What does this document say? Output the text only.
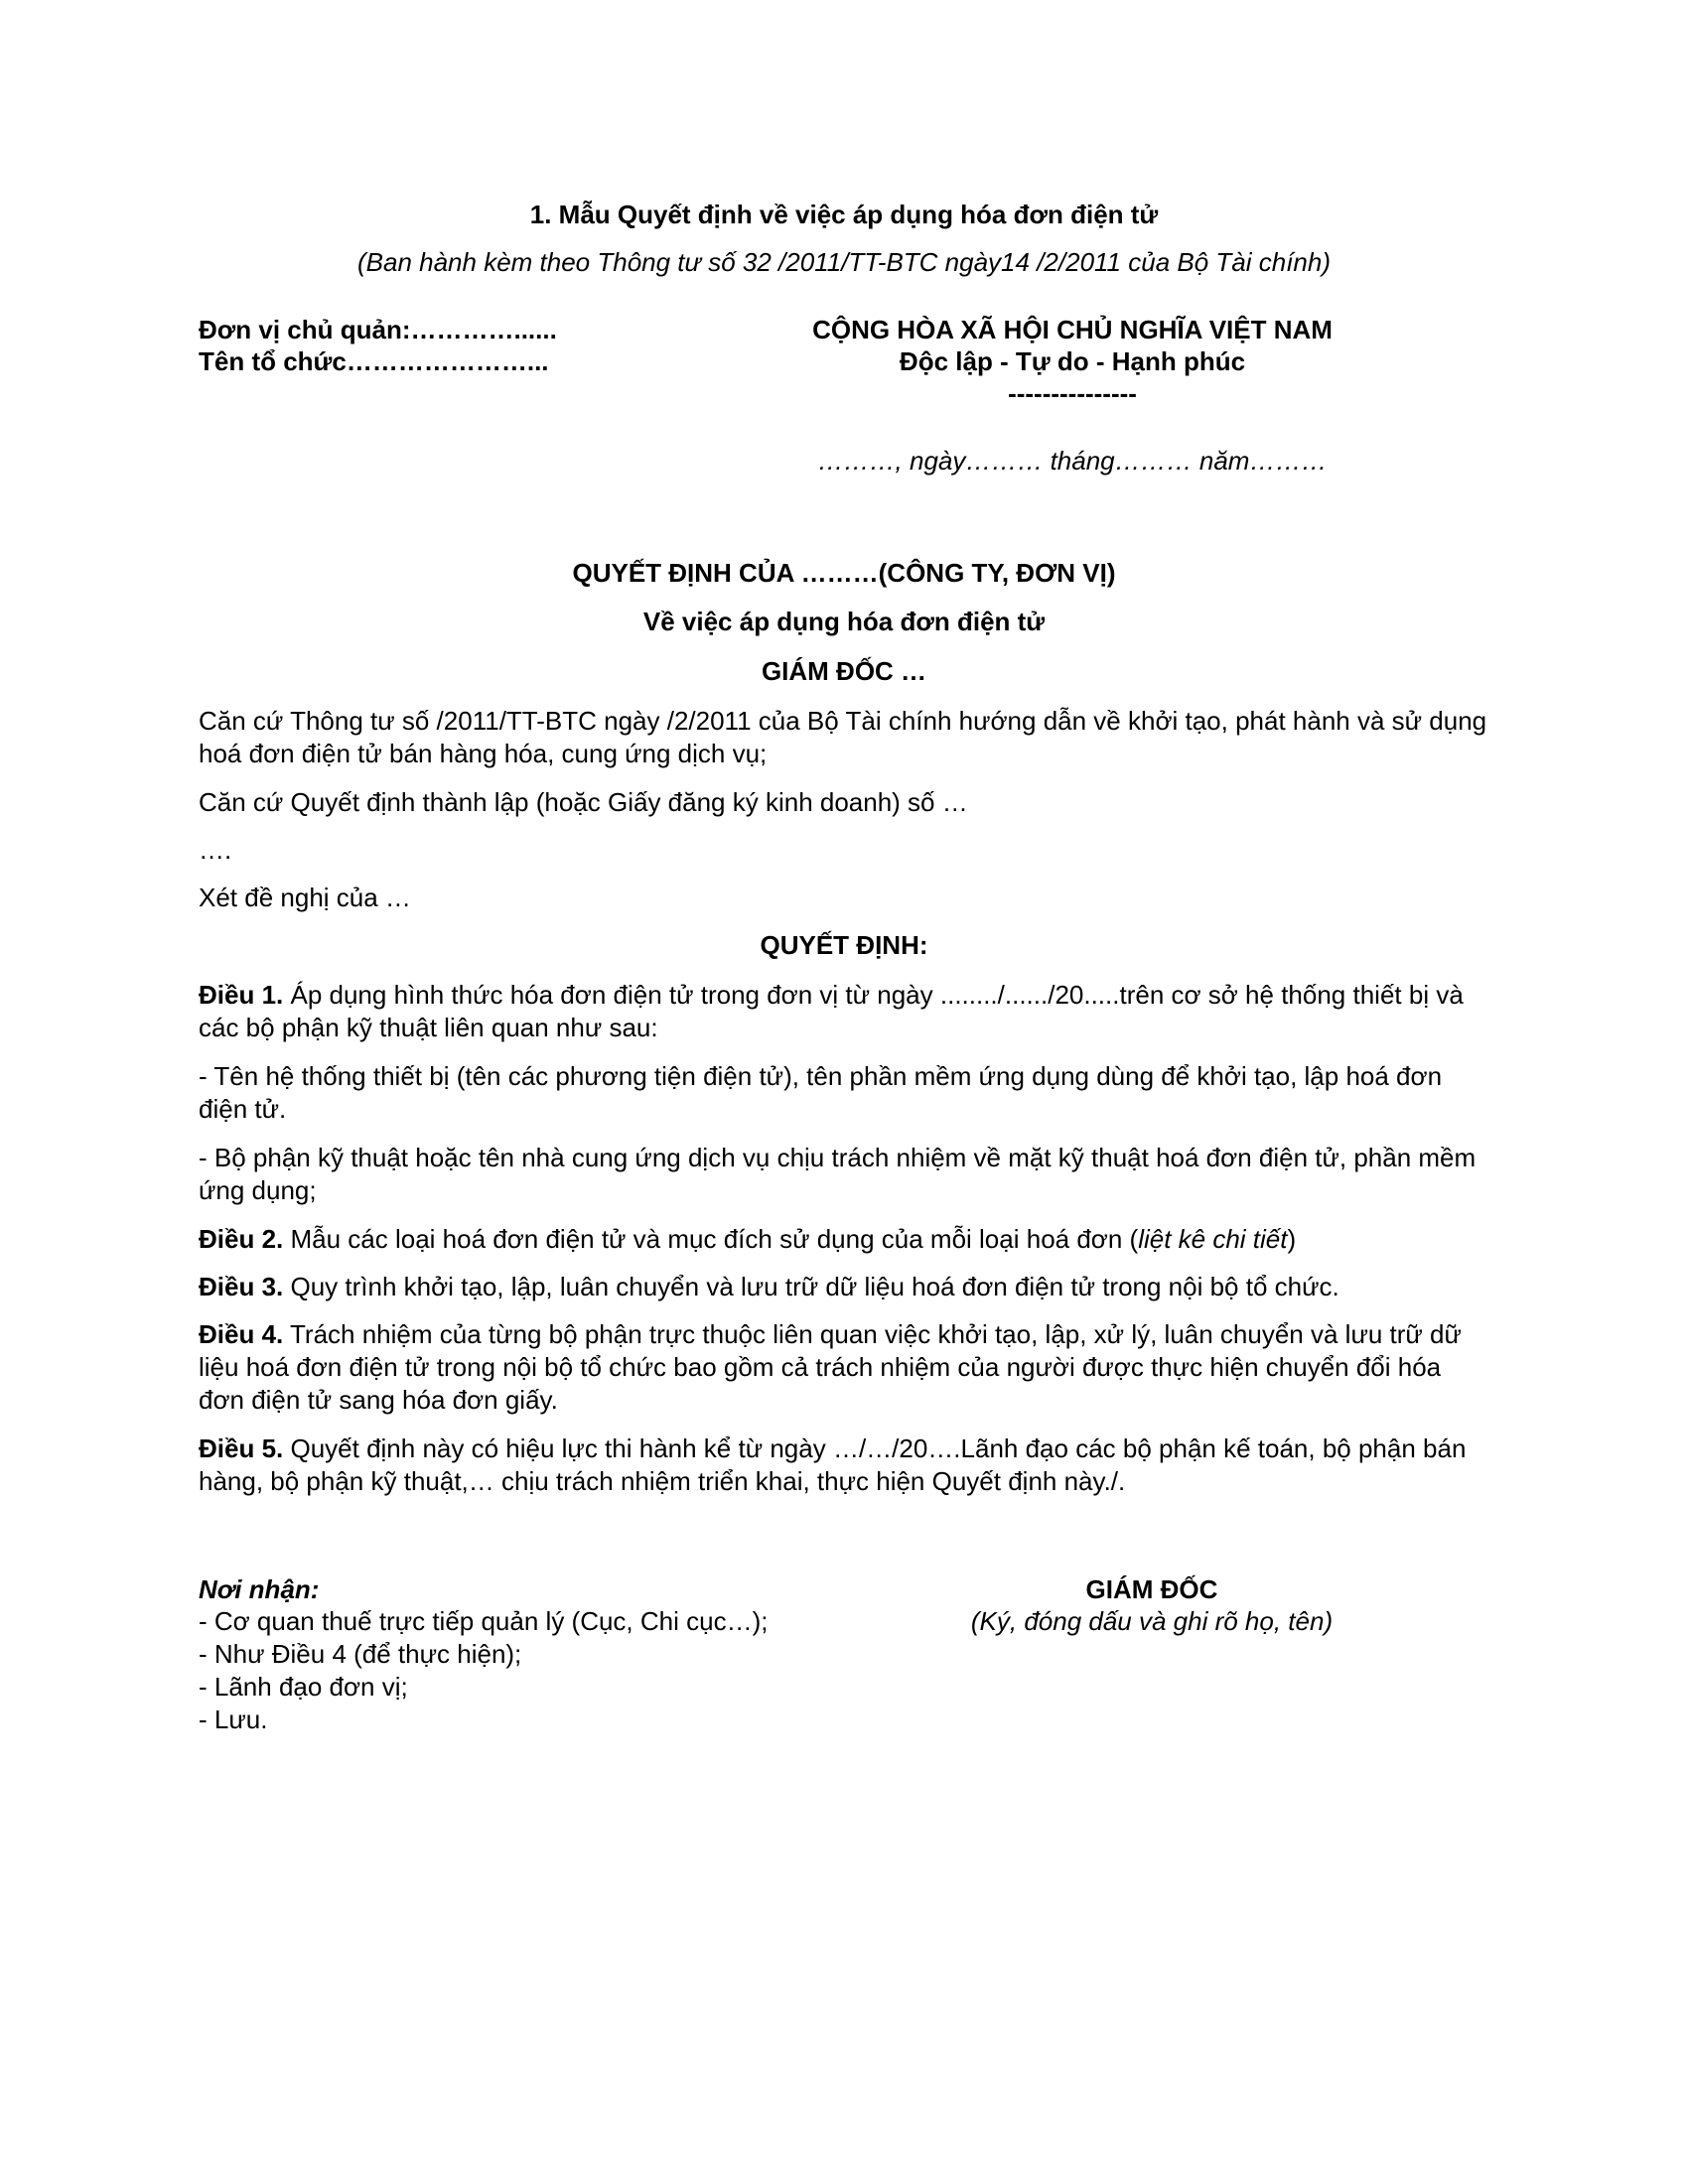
1. Mẫu Quyết định về việc áp dụng hóa đơn điện tử
(Ban hành kèm theo Thông tư số 32 /2011/TT-BTC ngày14 /2/2011 của Bộ Tài chính)
Đơn vị chủ quản:…………......
Tên tổ chức…………………...
CỘNG HÒA XÃ HỘI CHỦ NGHĨA VIỆT NAM
Độc lập - Tự do - Hạnh phúc
---------------
………, ngày……… tháng……… năm………
QUYẾT ĐỊNH CỦA ………(CÔNG TY, ĐƠN VỊ)
Về việc áp dụng hóa đơn điện tử
GIÁM ĐỐC …

Căn cứ Thông tư số /2011/TT-BTC ngày /2/2011 của Bộ Tài chính hướng dẫn về khởi tạo, phát hành và sử dụng hoá đơn điện tử bán hàng hóa, cung ứng dịch vụ;

Căn cứ Quyết định thành lập (hoặc Giấy đăng ký kinh doanh) số …

….

Xét đề nghị của …

QUYẾT ĐỊNH:

Điều 1. Áp dụng hình thức hóa đơn điện tử trong đơn vị từ ngày ......../....../20.....trên cơ sở hệ thống thiết bị và các bộ phận kỹ thuật liên quan như sau:

- Tên hệ thống thiết bị (tên các phương tiện điện tử), tên phần mềm ứng dụng dùng để khởi tạo, lập hoá đơn điện tử.

- Bộ phận kỹ thuật hoặc tên nhà cung ứng dịch vụ chịu trách nhiệm về mặt kỹ thuật hoá đơn điện tử, phần mềm ứng dụng;

Điều 2. Mẫu các loại hoá đơn điện tử và mục đích sử dụng của mỗi loại hoá đơn (liệt kê chi tiết)

Điều 3. Quy trình khởi tạo, lập, luân chuyển và lưu trữ dữ liệu hoá đơn điện tử trong nội bộ tổ chức.

Điều 4. Trách nhiệm của từng bộ phận trực thuộc liên quan việc khởi tạo, lập, xử lý, luân chuyển và lưu trữ dữ liệu hoá đơn điện tử trong nội bộ tổ chức bao gồm cả trách nhiệm của người được thực hiện chuyển đổi hóa đơn điện tử sang hóa đơn giấy.

Điều 5. Quyết định này có hiệu lực thi hành kể từ ngày …/…/20….Lãnh đạo các bộ phận kế toán, bộ phận bán hàng, bộ phận kỹ thuật,… chịu trách nhiệm triển khai, thực hiện Quyết định này./.

Nơi nhận:
- Cơ quan thuế trực tiếp quản lý (Cục, Chi cục…);
- Như Điều 4 (để thực hiện);
- Lãnh đạo đơn vị;
- Lưu.
GIÁM ĐỐC
(Ký, đóng dấu và ghi rõ họ, tên)
